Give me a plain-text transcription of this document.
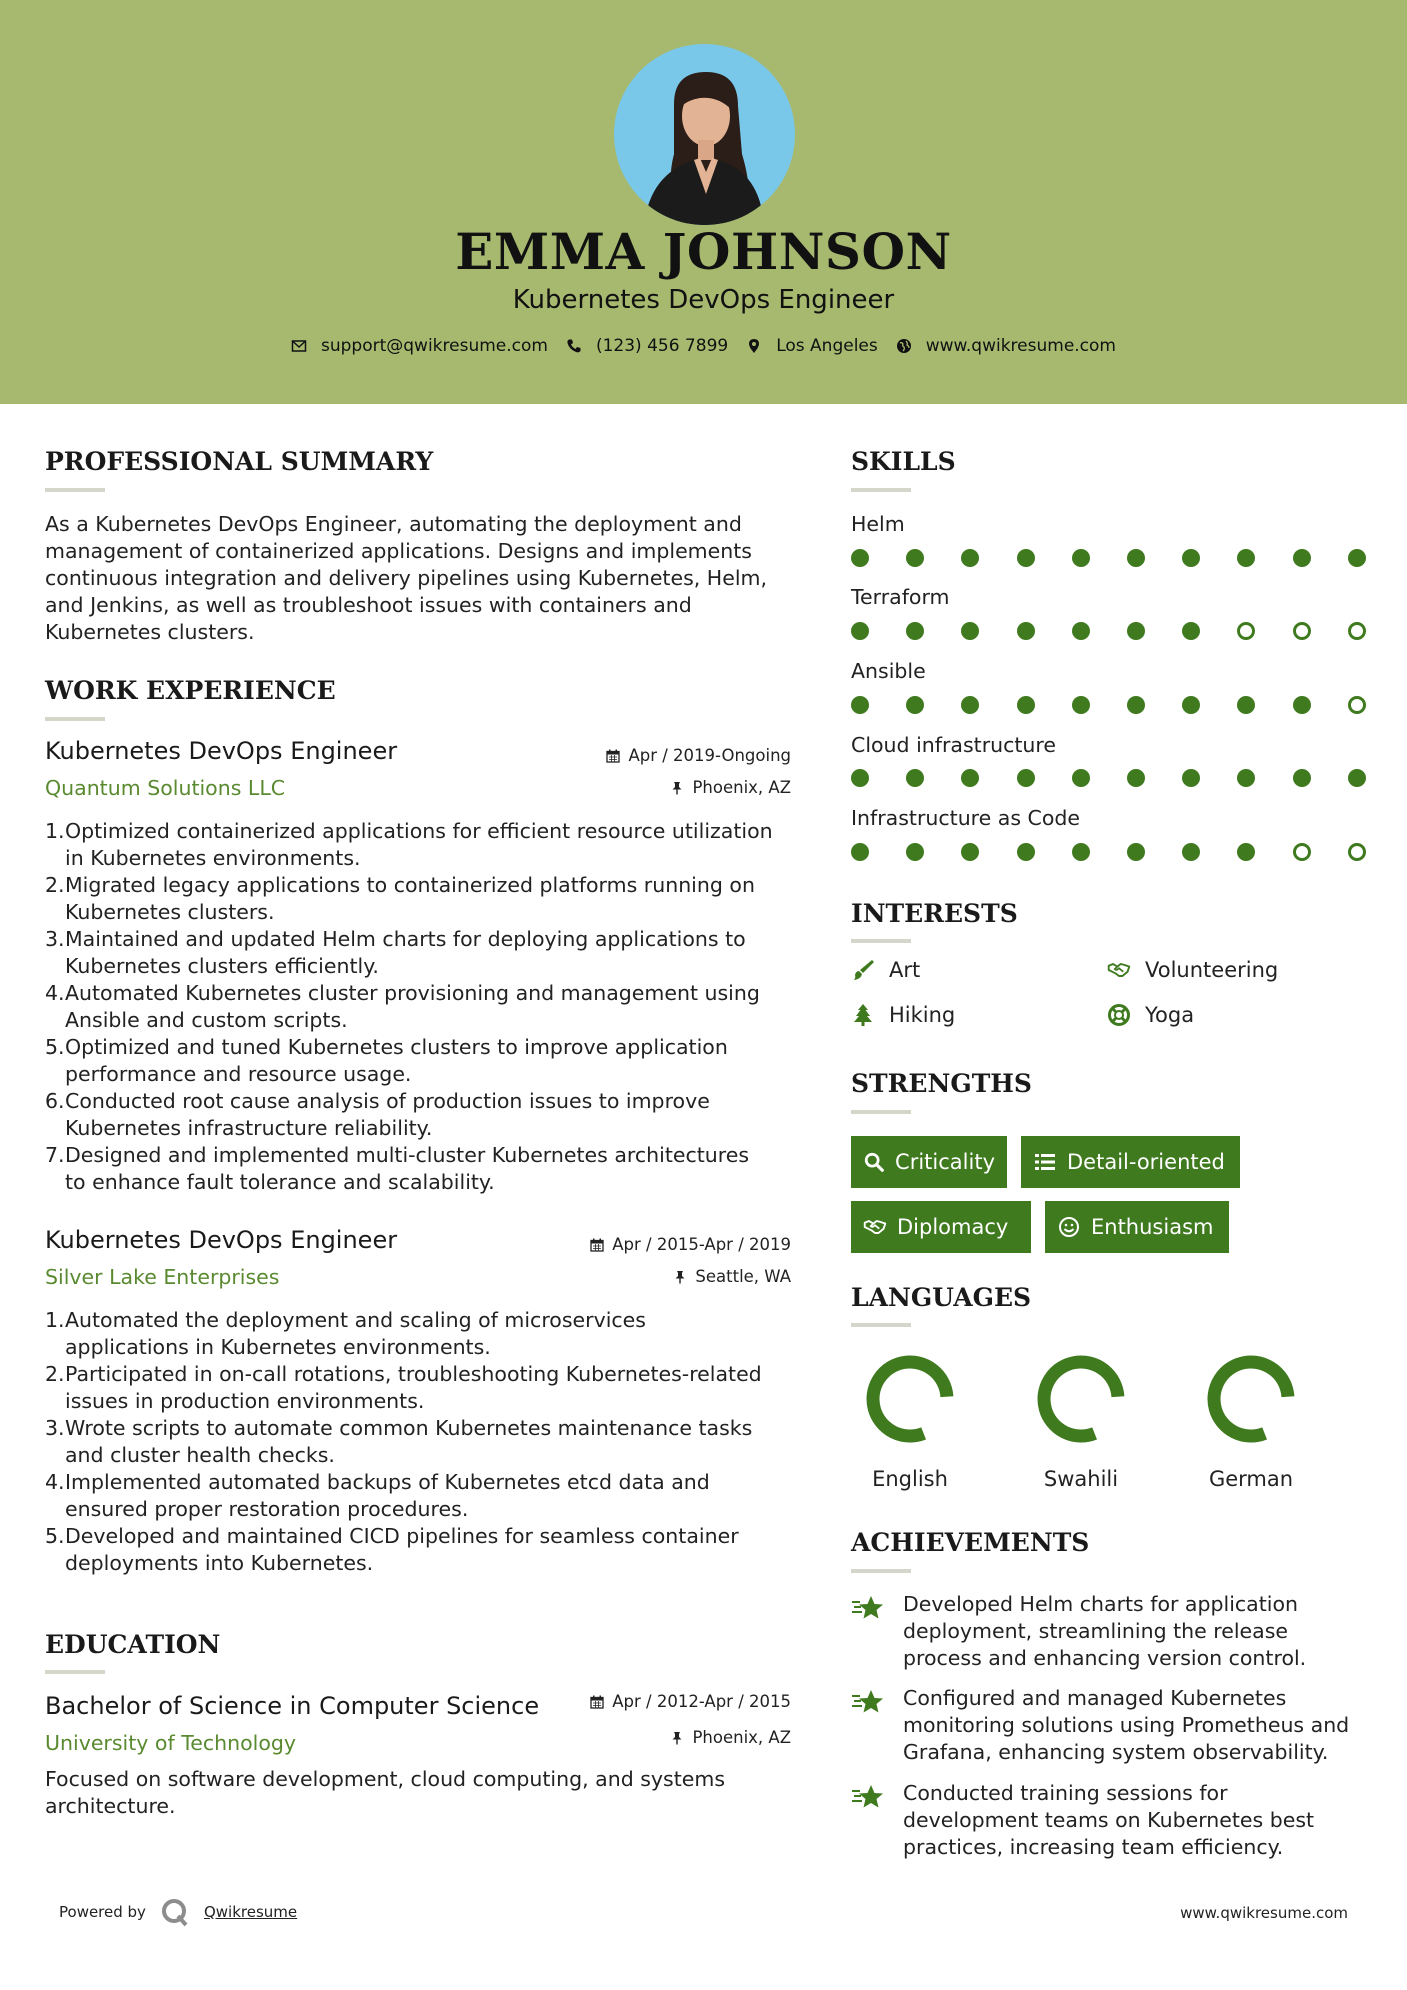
EMMA JOHNSON
Kubernetes DevOps Engineer
support@qwikresume.com	(123) 456 7899	Los Angeles	www.qwikresume.com
PROFESSIONAL SUMMARY
As a Kubernetes DevOps Engineer, automating the deployment and
management of containerized applications. Designs and implements
continuous integration and delivery pipelines using Kubernetes, Helm,
and Jenkins, as well as troubleshoot issues with containers and
Kubernetes clusters.
WORK EXPERIENCE
Kubernetes DevOps Engineer
Quantum Solutions LLC
Apr / 2019-Ongoing
Phoenix, AZ
1. Optimized containerized applications for efficient resource utilization
in Kubernetes environments.
2. Migrated legacy applications to containerized platforms running on
Kubernetes clusters.
3. Maintained and updated Helm charts for deploying applications to
Kubernetes clusters efficiently.
4. Automated Kubernetes cluster provisioning and management using
Ansible and custom scripts.
5. Optimized and tuned Kubernetes clusters to improve application
performance and resource usage.
6. Conducted root cause analysis of production issues to improve
Kubernetes infrastructure reliability.
7. Designed and implemented multi-cluster Kubernetes architectures
to enhance fault tolerance and scalability.
Kubernetes DevOps Engineer
Silver Lake Enterprises
Apr / 2015-Apr / 2019
Seattle, WA
1. Automated the deployment and scaling of microservices
applications in Kubernetes environments.
2. Participated in on-call rotations, troubleshooting Kubernetes-related
issues in production environments.
3. Wrote scripts to automate common Kubernetes maintenance tasks
and cluster health checks.
4. Implemented automated backups of Kubernetes etcd data and
ensured proper restoration procedures.
5. Developed and maintained CICD pipelines for seamless container
deployments into Kubernetes.
EDUCATION
Bachelor of Science in Computer Science
University of Technology
Apr / 2012-Apr / 2015
Phoenix, AZ
Focused on software development, cloud computing, and systems
architecture.
SKILLS
Helm
Terraform
Ansible
Cloud infrastructure
Infrastructure as Code
INTERESTS
Art	Volunteering
Hiking	Yoga
STRENGTHS
Criticality	Detail-oriented
Diplomacy	Enthusiasm
LANGUAGES
English	Swahili	German
ACHIEVEMENTS
Developed Helm charts for application
deployment, streamlining the release
process and enhancing version control.
Configured and managed Kubernetes
monitoring solutions using Prometheus and
Grafana, enhancing system observability.
Conducted training sessions for
development teams on Kubernetes best
practices, increasing team efficiency.
Powered by	Qwikresume	www.qwikresume.com
